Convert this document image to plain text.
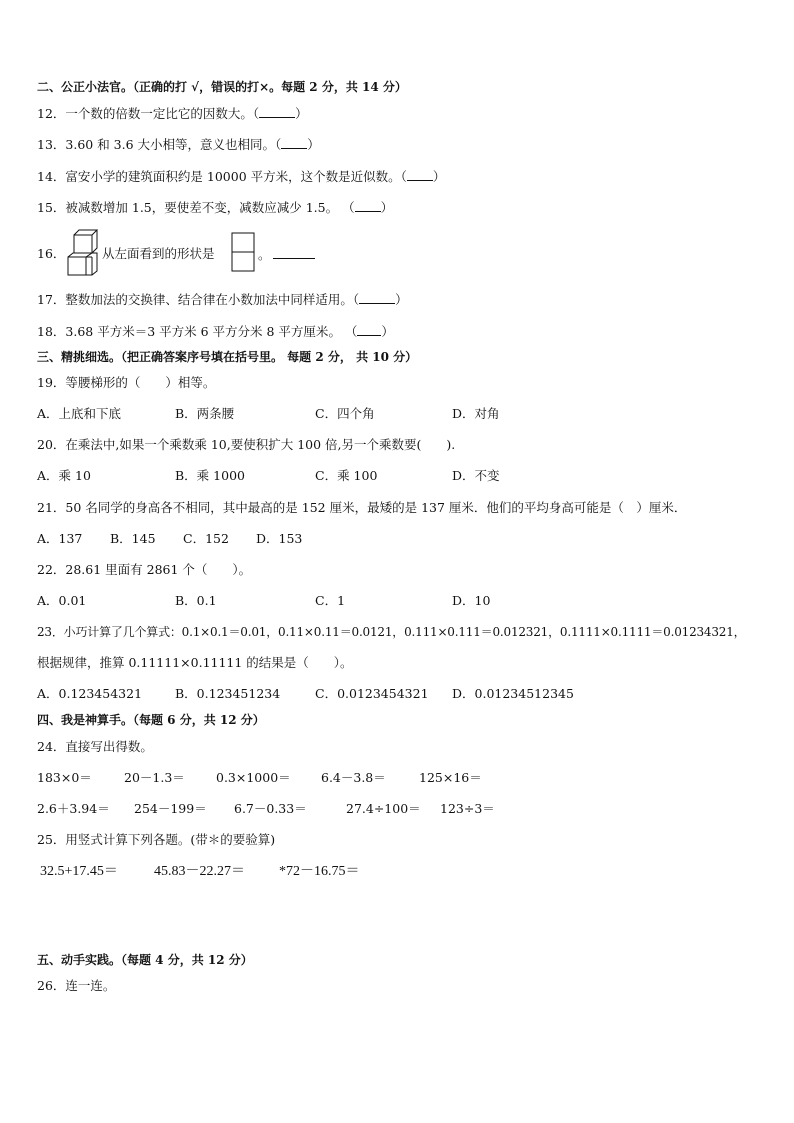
二、公正小法官。（正确的打 √，错误的打×。每题 2 分，共 14 分）
12．一个数的倍数一定比它的因数大。（	）
13．3.60 和 3.6 大小相等，意义也相同。（ ）
14．富安小学的建筑面积约是 10000 平方米，这个数是近似数。（ ）
15．被减数增加 1.5，要使差不变，减数应减少 1.5。 （ ）
16．	从左面看到的形状是	。
17．整数加法的交换律、结合律在小数加法中同样适用。（	）
18．3.68 平方米＝3 平方米 6 平方分米 8 平方厘米。 （ ）
三、精挑细选。（把正确答案序号填在括号里。 每题 2 分， 共 10 分）
19．等腰梯形的（　　）相等。
A．上底和下底	B．两条腰	C．四个角	D．对角
20．在乘法中,如果一个乘数乘 10,要使积扩大 100 倍,另一个乘数要(　　).
A．乘 10	B．乘 1000	C．乘 100	D．不变
21．50 名同学的身高各不相同，其中最高的是 152 厘米，最矮的是 137 厘米．他们的平均身高可能是（　）厘米．
A．137 B．145 C．152 D．153
22．28.61 里面有 2861 个（　　）。
A．0.01	B．0.1	C．1	D．10
23．小巧计算了几个算式：0.1×0.1＝0.01，0.11×0.11＝0.0121，0.111×0.111＝0.012321，0.1111×0.1111＝0.01234321，
根据规律，推算 0.11111×0.11111 的结果是（　　）。
A．0.123454321	B．0.123451234	C．0.0123454321 D．0.01234512345
四、我是神算手。（每题 6 分，共 12 分）
24．直接写出得数。
183×0＝	20－1.3＝ 0.3×1000＝ 6.4－3.8＝	125×16＝
2.6＋3.94＝ 254－199＝ 6.7－0.33＝	27.4÷100＝ 123÷3＝
25．用竖式计算下列各题。(带＊的要验算)
32.5+17.45＝	45.83－22.27＝ *72－16.75＝
五、动手实践。（每题 4 分，共 12 分）
26．连一连。
